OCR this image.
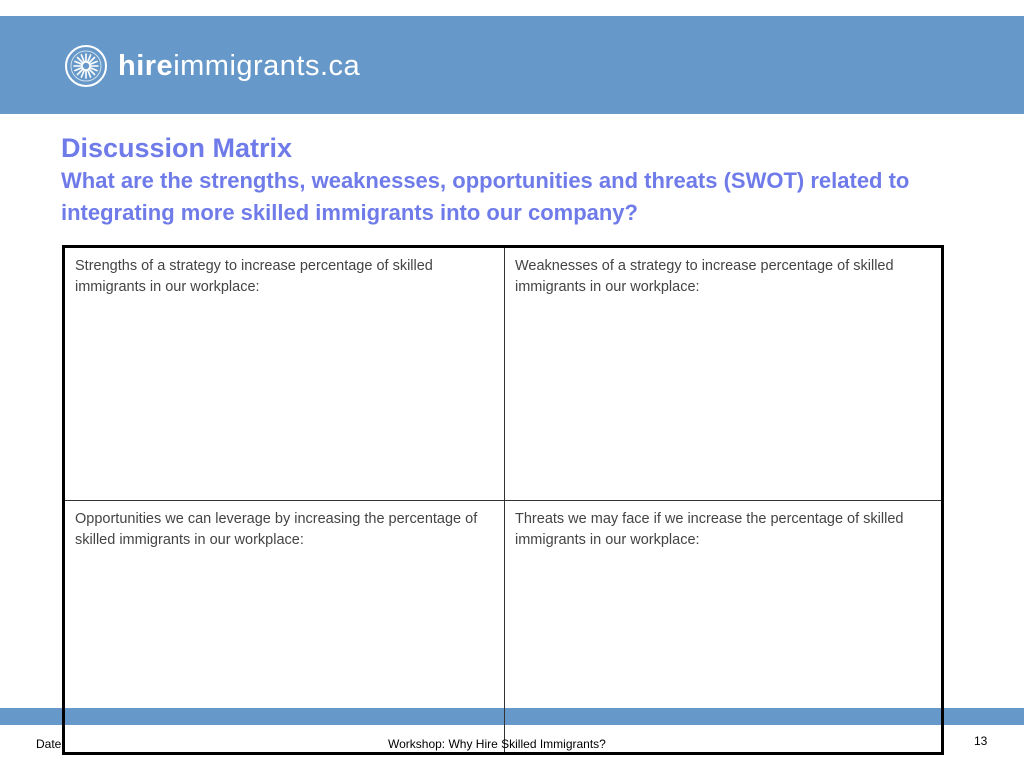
hireimmigrants.ca
Discussion Matrix
What are the strengths, weaknesses, opportunities and threats (SWOT) related to integrating more skilled immigrants into our company?
Strengths of a strategy to increase percentage of skilled immigrants in our workplace:
Weaknesses of a strategy to increase percentage of skilled immigrants in our workplace:
Opportunities we can leverage by increasing the percentage of skilled immigrants in our workplace:
Threats we may face if we increase the percentage of skilled immigrants in our workplace:
Date	Workshop: Why Hire Skilled Immigrants?	13
